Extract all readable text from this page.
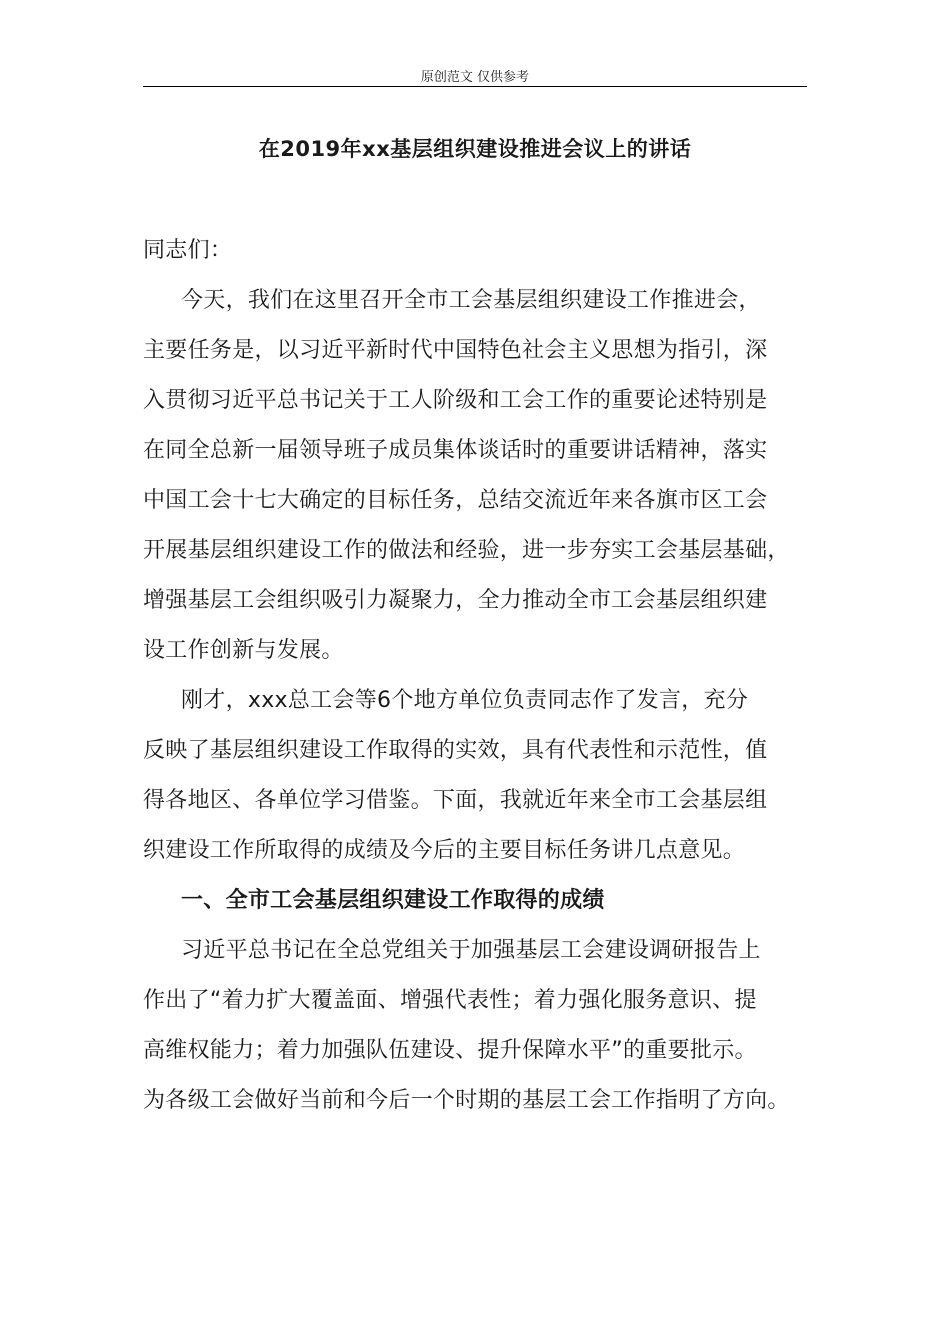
原创范文 仅供参考
在2019年xx基层组织建设推进会议上的讲话
同志们：
今天，我们在这里召开全市工会基层组织建设工作推进会，
主要任务是，以习近平新时代中国特色社会主义思想为指引，深
入贯彻习近平总书记关于工人阶级和工会工作的重要论述特别是
在同全总新一届领导班子成员集体谈话时的重要讲话精神，落实
中国工会十七大确定的目标任务，总结交流近年来各旗市区工会
开展基层组织建设工作的做法和经验，进一步夯实工会基层基础，
增强基层工会组织吸引力凝聚力，全力推动全市工会基层组织建
设工作创新与发展。
刚才，xxx总工会等6个地方单位负责同志作了发言，充分
反映了基层组织建设工作取得的实效，具有代表性和示范性，值
得各地区、各单位学习借鉴。下面，我就近年来全市工会基层组
织建设工作所取得的成绩及今后的主要目标任务讲几点意见。
一、全市工会基层组织建设工作取得的成绩
习近平总书记在全总党组关于加强基层工会建设调研报告上
作出了“着力扩大覆盖面、增强代表性；着力强化服务意识、提
高维权能力；着力加强队伍建设、提升保障水平”的重要批示。
为各级工会做好当前和今后一个时期的基层工会工作指明了方向。
